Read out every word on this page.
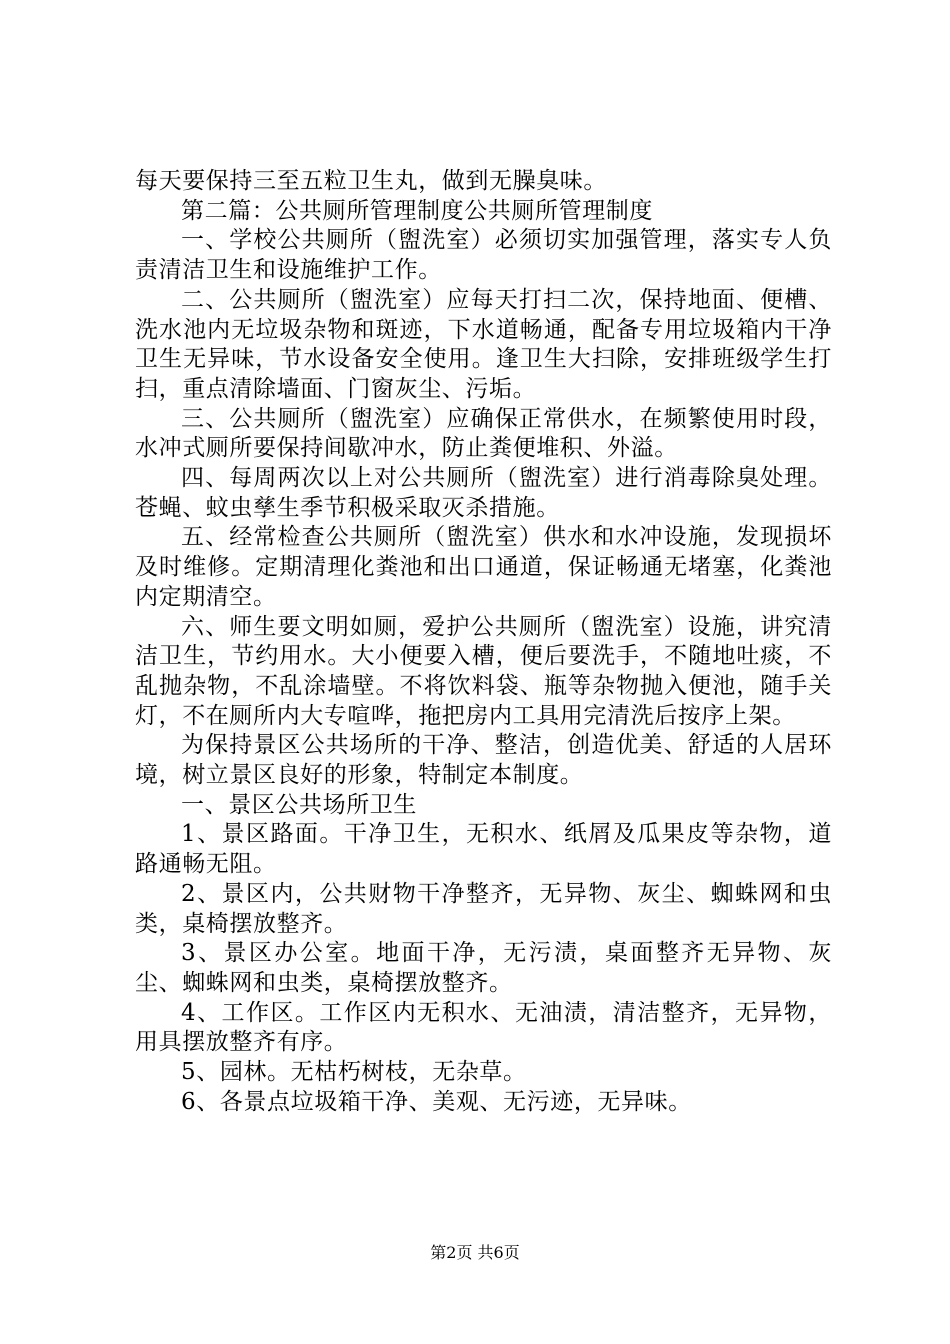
每天要保持三至五粒卫生丸，做到无臊臭味。

第二篇：公共厕所管理制度公共厕所管理制度

一、学校公共厕所（盥洗室）必须切实加强管理，落实专人负责清洁卫生和设施维护工作。

二、公共厕所（盥洗室）应每天打扫二次，保持地面、便槽、洗水池内无垃圾杂物和斑迹，下水道畅通，配备专用垃圾箱内干净卫生无异味，节水设备安全使用。逢卫生大扫除，安排班级学生打扫，重点清除墙面、门窗灰尘、污垢。

三、公共厕所（盥洗室）应确保正常供水，在频繁使用时段，水冲式厕所要保持间歇冲水，防止粪便堆积、外溢。

四、每周两次以上对公共厕所（盥洗室）进行消毒除臭处理。苍蝇、蚊虫孳生季节积极采取灭杀措施。

五、经常检查公共厕所（盥洗室）供水和水冲设施，发现损坏及时维修。定期清理化粪池和出口通道，保证畅通无堵塞，化粪池内定期清空。

六、师生要文明如厕，爱护公共厕所（盥洗室）设施，讲究清洁卫生，节约用水。大小便要入槽，便后要洗手，不随地吐痰，不乱抛杂物，不乱涂墙壁。不将饮料袋、瓶等杂物抛入便池，随手关灯，不在厕所内大专喧哗，拖把房内工具用完清洗后按序上架。

为保持景区公共场所的干净、整洁，创造优美、舒适的人居环境，树立景区良好的形象，特制定本制度。

一、景区公共场所卫生

1、景区路面。干净卫生，无积水、纸屑及瓜果皮等杂物，道路通畅无阻。

2、景区内，公共财物干净整齐，无异物、灰尘、蜘蛛网和虫类，桌椅摆放整齐。

3、景区办公室。地面干净，无污渍，桌面整齐无异物、灰尘、蜘蛛网和虫类，桌椅摆放整齐。

4、工作区。工作区内无积水、无油渍，清洁整齐，无异物，用具摆放整齐有序。

5、园林。无枯朽树枝，无杂草。

6、各景点垃圾箱干净、美观、无污迹，无异味。

第2页 共6页
